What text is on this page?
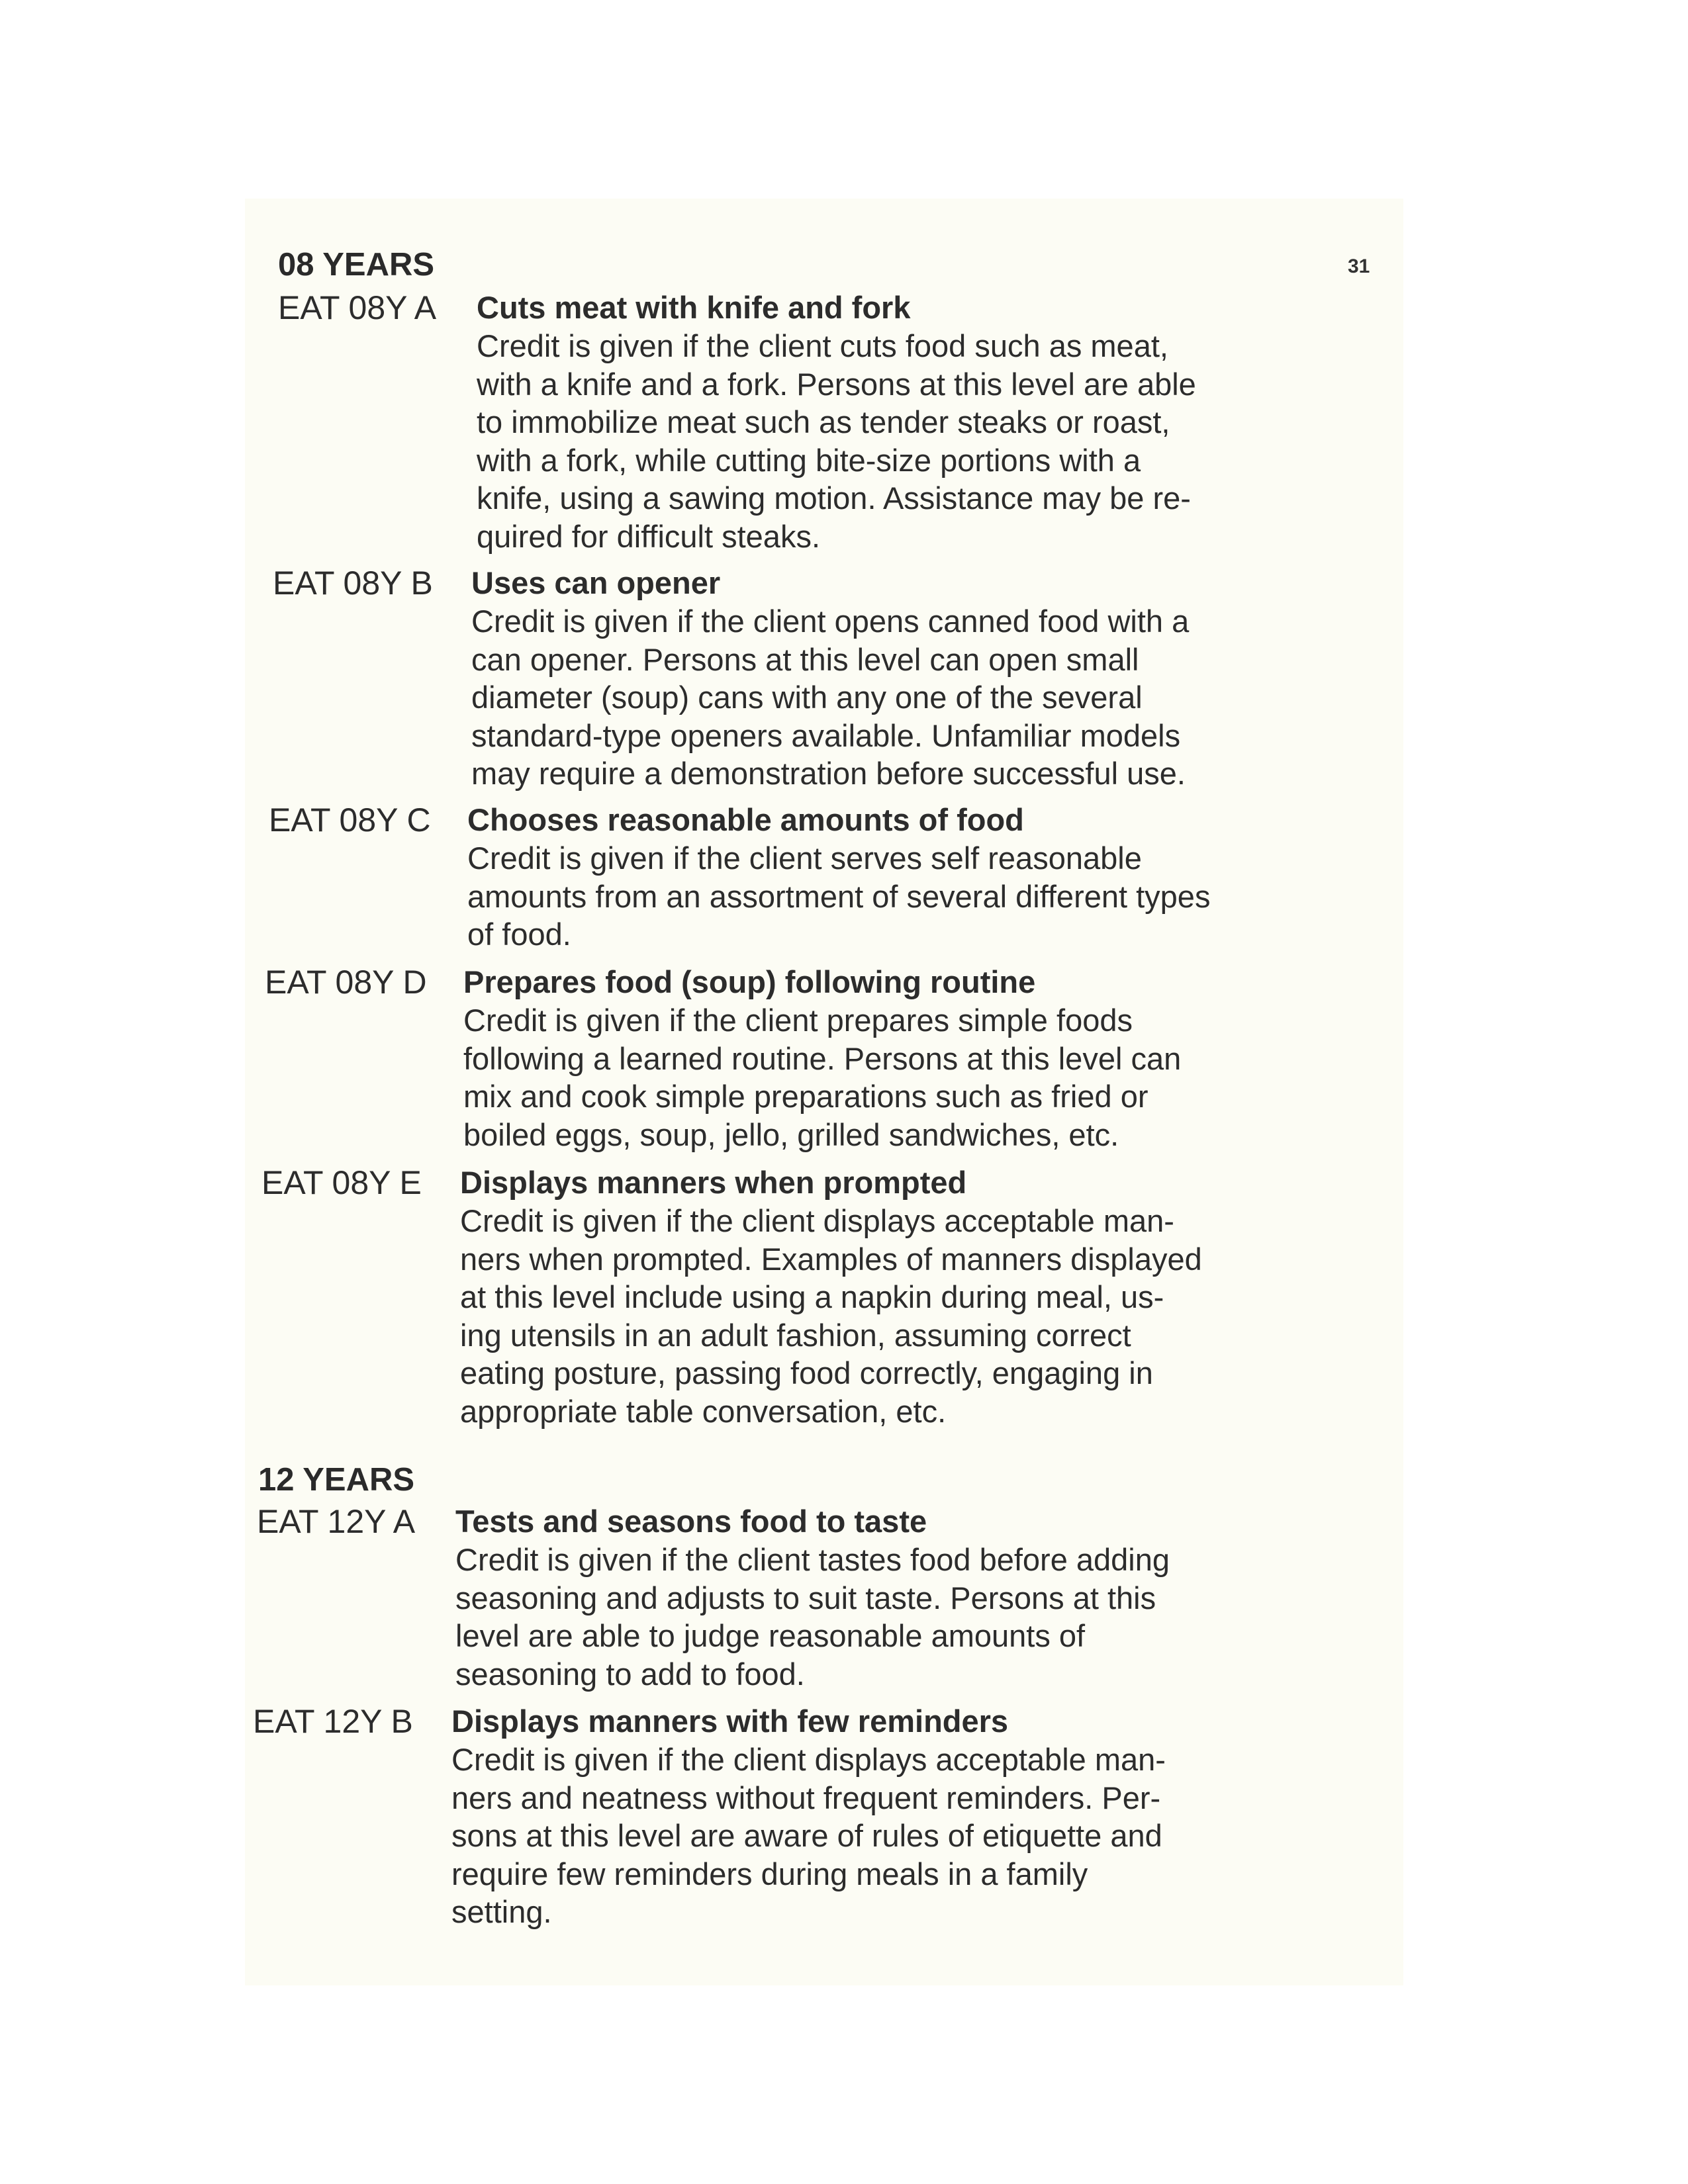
31
08 YEARS
EAT 08Y A Cuts meat with knife and fork
Credit is given if the client cuts food such as meat,
with a knife and a fork. Persons at this level are able
to immobilize meat such as tender steaks or roast,
with a fork, while cutting bite-size portions with a
knife, using a sawing motion. Assistance may be re-
quired for difficult steaks.
EAT 08Y B Uses can opener
Credit is given if the client opens canned food with a
can opener. Persons at this level can open small
diameter (soup) cans with any one of the several
standard-type openers available. Unfamiliar models
may require a demonstration before successful use.
EAT 08Y C Chooses reasonable amounts of food
Credit is given if the client serves self reasonable
amounts from an assortment of several different types
of food.
EAT 08Y D Prepares food (soup) following routine
Credit is given if the client prepares simple foods
following a learned routine. Persons at this level can
mix and cook simple preparations such as fried or
boiled eggs, soup, jello, grilled sandwiches, etc.
EAT 08Y E Displays manners when prompted
Credit is given if the client displays acceptable man-
ners when prompted. Examples of manners displayed
at this level include using a napkin during meal, us-
ing utensils in an adult fashion, assuming correct
eating posture, passing food correctly, engaging in
appropriate table conversation, etc.
12 YEARS
EAT 12Y A Tests and seasons food to taste
Credit is given if the client tastes food before adding
seasoning and adjusts to suit taste. Persons at this
level are able to judge reasonable amounts of
seasoning to add to food.
EAT 12Y B Displays manners with few reminders
Credit is given if the client displays acceptable man-
ners and neatness without frequent reminders. Per-
sons at this level are aware of rules of etiquette and
require few reminders during meals in a family
setting.
